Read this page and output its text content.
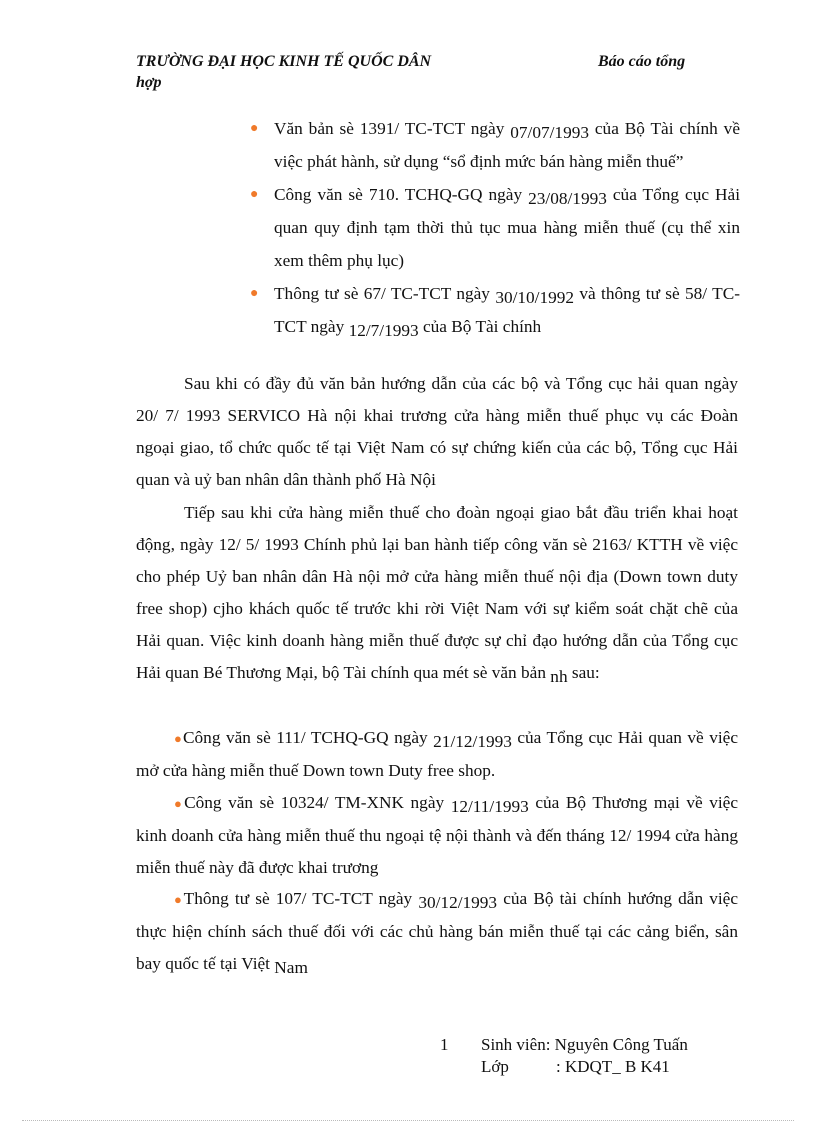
TRƯỜNG ĐẠI HỌC KINH TẾ QUỐC DÂN	Báo cáo tổng
hợp
● Văn bản sè 1391/ TC-TCT ngày 07/07/1993 của Bộ Tài chính về việc phát hành, sử dụng “sổ định mức bán hàng miễn thuế”
● Công văn sè 710. TCHQ-GQ ngày 23/08/1993 của Tổng cục Hải quan quy định tạm thời thủ tục mua hàng miễn thuế (cụ thể xin xem thêm phụ lục)
● Thông tư sè 67/ TC-TCT ngày 30/10/1992 và thông tư sè 58/ TC-TCT ngày 12/7/1993 của Bộ Tài chính
Sau khi có đầy đủ văn bản hướng dẫn của các bộ và Tổng cục hải quan ngày 20/ 7/ 1993 SERVICO Hà nội khai trương cửa hàng miễn thuế phục vụ các Đoàn ngoại giao, tổ chức quốc tế tại Việt Nam có sự chứng kiến của các bộ, Tổng cục Hải quan và uỷ ban nhân dân thành phố Hà Nội
Tiếp sau khi cửa hàng miễn thuế cho đoàn ngoại giao bắt đầu triển khai hoạt động, ngày 12/ 5/ 1993 Chính phủ lại ban hành tiếp công văn sè 2163/ KTTH về việc cho phép Uỷ ban nhân dân Hà nội mở cửa hàng miễn thuế nội địa (Down town duty free shop) cjho khách quốc tế trước khi rời Việt Nam với sự kiểm soát chặt chẽ của Hải quan. Việc kinh doanh hàng miễn thuế được sự chỉ đạo hướng dẫn của Tổng cục Hải quan Bé Thương Mại, bộ Tài chính qua mét sè văn bản nh sau:
●Công văn sè 111/ TCHQ-GQ ngày 21/12/1993 của Tổng cục Hải quan về việc mở cửa hàng miễn thuế Down town Duty free shop.
●Công văn sè 10324/ TM-XNK ngày 12/11/1993 của Bộ Thương mại về việc kinh doanh cửa hàng miễn thuế thu ngoại tệ nội thành và đến tháng 12/ 1994 cửa hàng miễn thuế này đã được khai trương
●Thông tư sè 107/ TC-TCT ngày 30/12/1993 của Bộ tài chính hướng dẫn việc thực hiện chính sách thuế đối với các chủ hàng bán miễn thuế tại các cảng biển, sân bay quốc tế tại Việt Nam
1 Sinh viên: Nguyên Công Tuấn
Lớp	: KDQT_ B K41
